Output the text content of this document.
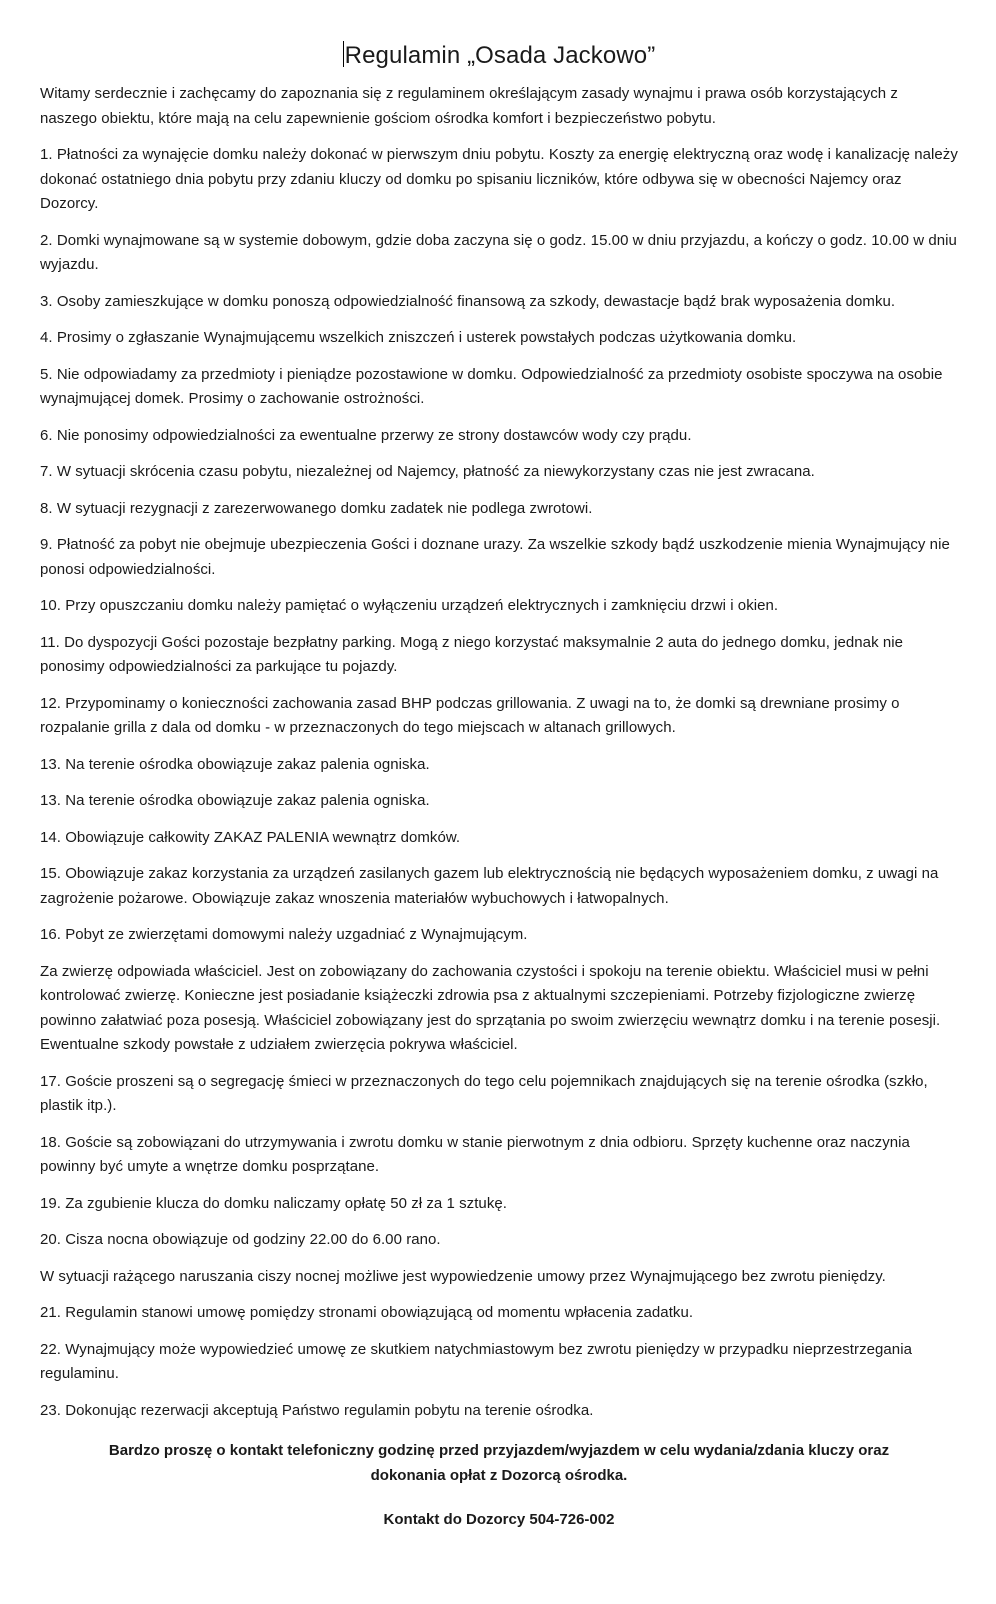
Regulamin „Osada Jackowo”

Witamy serdecznie i zachęcamy do zapoznania się z regulaminem określającym zasady wynajmu i prawa osób korzystających z naszego obiektu, które mają na celu zapewnienie gościom ośrodka komfort i bezpieczeństwo pobytu.

1. Płatności za wynajęcie domku należy dokonać w pierwszym dniu pobytu. Koszty za energię elektryczną oraz wodę i kanalizację należy dokonać ostatniego dnia pobytu przy zdaniu kluczy od domku po spisaniu liczników, które odbywa się w obecności Najemcy oraz Dozorcy.

2. Domki wynajmowane są w systemie dobowym, gdzie doba zaczyna się o godz. 15.00 w dniu przyjazdu, a kończy o godz. 10.00 w dniu wyjazdu.

3. Osoby zamieszkujące w domku ponoszą odpowiedzialność finansową za szkody, dewastacje bądź brak wyposażenia domku.

4. Prosimy o zgłaszanie Wynajmującemu wszelkich zniszczeń i usterek powstałych podczas użytkowania domku.

5. Nie odpowiadamy za przedmioty i pieniądze pozostawione w domku. Odpowiedzialność za przedmioty osobiste spoczywa na osobie wynajmującej domek. Prosimy o zachowanie ostrożności.

6. Nie ponosimy odpowiedzialności za ewentualne przerwy ze strony dostawców wody czy prądu.

7. W sytuacji skrócenia czasu pobytu, niezależnej od Najemcy, płatność za niewykorzystany czas nie jest zwracana.

8. W sytuacji rezygnacji z zarezerwowanego domku zadatek nie podlega zwrotowi.

9. Płatność za pobyt nie obejmuje ubezpieczenia Gości i doznane urazy. Za wszelkie szkody bądź uszkodzenie mienia Wynajmujący nie ponosi odpowiedzialności.

10. Przy opuszczaniu domku należy pamiętać o wyłączeniu urządzeń elektrycznych i zamknięciu drzwi i okien.

11. Do dyspozycji Gości pozostaje bezpłatny parking. Mogą z niego korzystać maksymalnie 2 auta do jednego domku, jednak nie ponosimy odpowiedzialności za parkujące tu pojazdy.

12. Przypominamy o konieczności zachowania zasad BHP podczas grillowania. Z uwagi na to, że domki są drewniane prosimy o rozpalanie grilla z dala od domku - w przeznaczonych do tego miejscach w altanach grillowych.

13. Na terenie ośrodka obowiązuje zakaz palenia ogniska.

13. Na terenie ośrodka obowiązuje zakaz palenia ogniska.

14. Obowiązuje całkowity ZAKAZ PALENIA wewnątrz domków.

15. Obowiązuje zakaz korzystania za urządzeń zasilanych gazem lub elektrycznością nie będących wyposażeniem domku, z uwagi na zagrożenie pożarowe. Obowiązuje zakaz wnoszenia materiałów wybuchowych i łatwopalnych.

16. Pobyt ze zwierzętami domowymi należy uzgadniać z Wynajmującym.

Za zwierzę odpowiada właściciel. Jest on zobowiązany do zachowania czystości i spokoju na terenie obiektu. Właściciel musi w pełni kontrolować zwierzę. Konieczne jest posiadanie książeczki zdrowia psa z aktualnymi szczepieniami. Potrzeby fizjologiczne zwierzę powinno załatwiać poza posesją. Właściciel zobowiązany jest do sprzątania po swoim zwierzęciu wewnątrz domku i na terenie posesji. Ewentualne szkody powstałe z udziałem zwierzęcia pokrywa właściciel.

17. Goście proszeni są o segregację śmieci w przeznaczonych do tego celu pojemnikach znajdujących się na terenie ośrodka (szkło, plastik itp.).

18. Goście są zobowiązani do utrzymywania i zwrotu domku w stanie pierwotnym z dnia odbioru. Sprzęty kuchenne oraz naczynia powinny być umyte a wnętrze domku posprzątane.

19. Za zgubienie klucza do domku naliczamy opłatę 50 zł za 1 sztukę.

20. Cisza nocna obowiązuje od godziny 22.00 do 6.00 rano.

W sytuacji rażącego naruszania ciszy nocnej możliwe jest wypowiedzenie umowy przez Wynajmującego bez zwrotu pieniędzy.

21. Regulamin stanowi umowę pomiędzy stronami obowiązującą od momentu wpłacenia zadatku.

22. Wynajmujący może wypowiedzieć umowę ze skutkiem natychmiastowym bez zwrotu pieniędzy w przypadku nieprzestrzegania regulaminu.

23. Dokonując rezerwacji akceptują Państwo regulamin pobytu na terenie ośrodka.

Bardzo proszę o kontakt telefoniczny godzinę przed przyjazdem/wyjazdem w celu wydania/zdania kluczy oraz dokonania opłat z Dozorcą ośrodka.

Kontakt do Dozorcy 504-726-002
